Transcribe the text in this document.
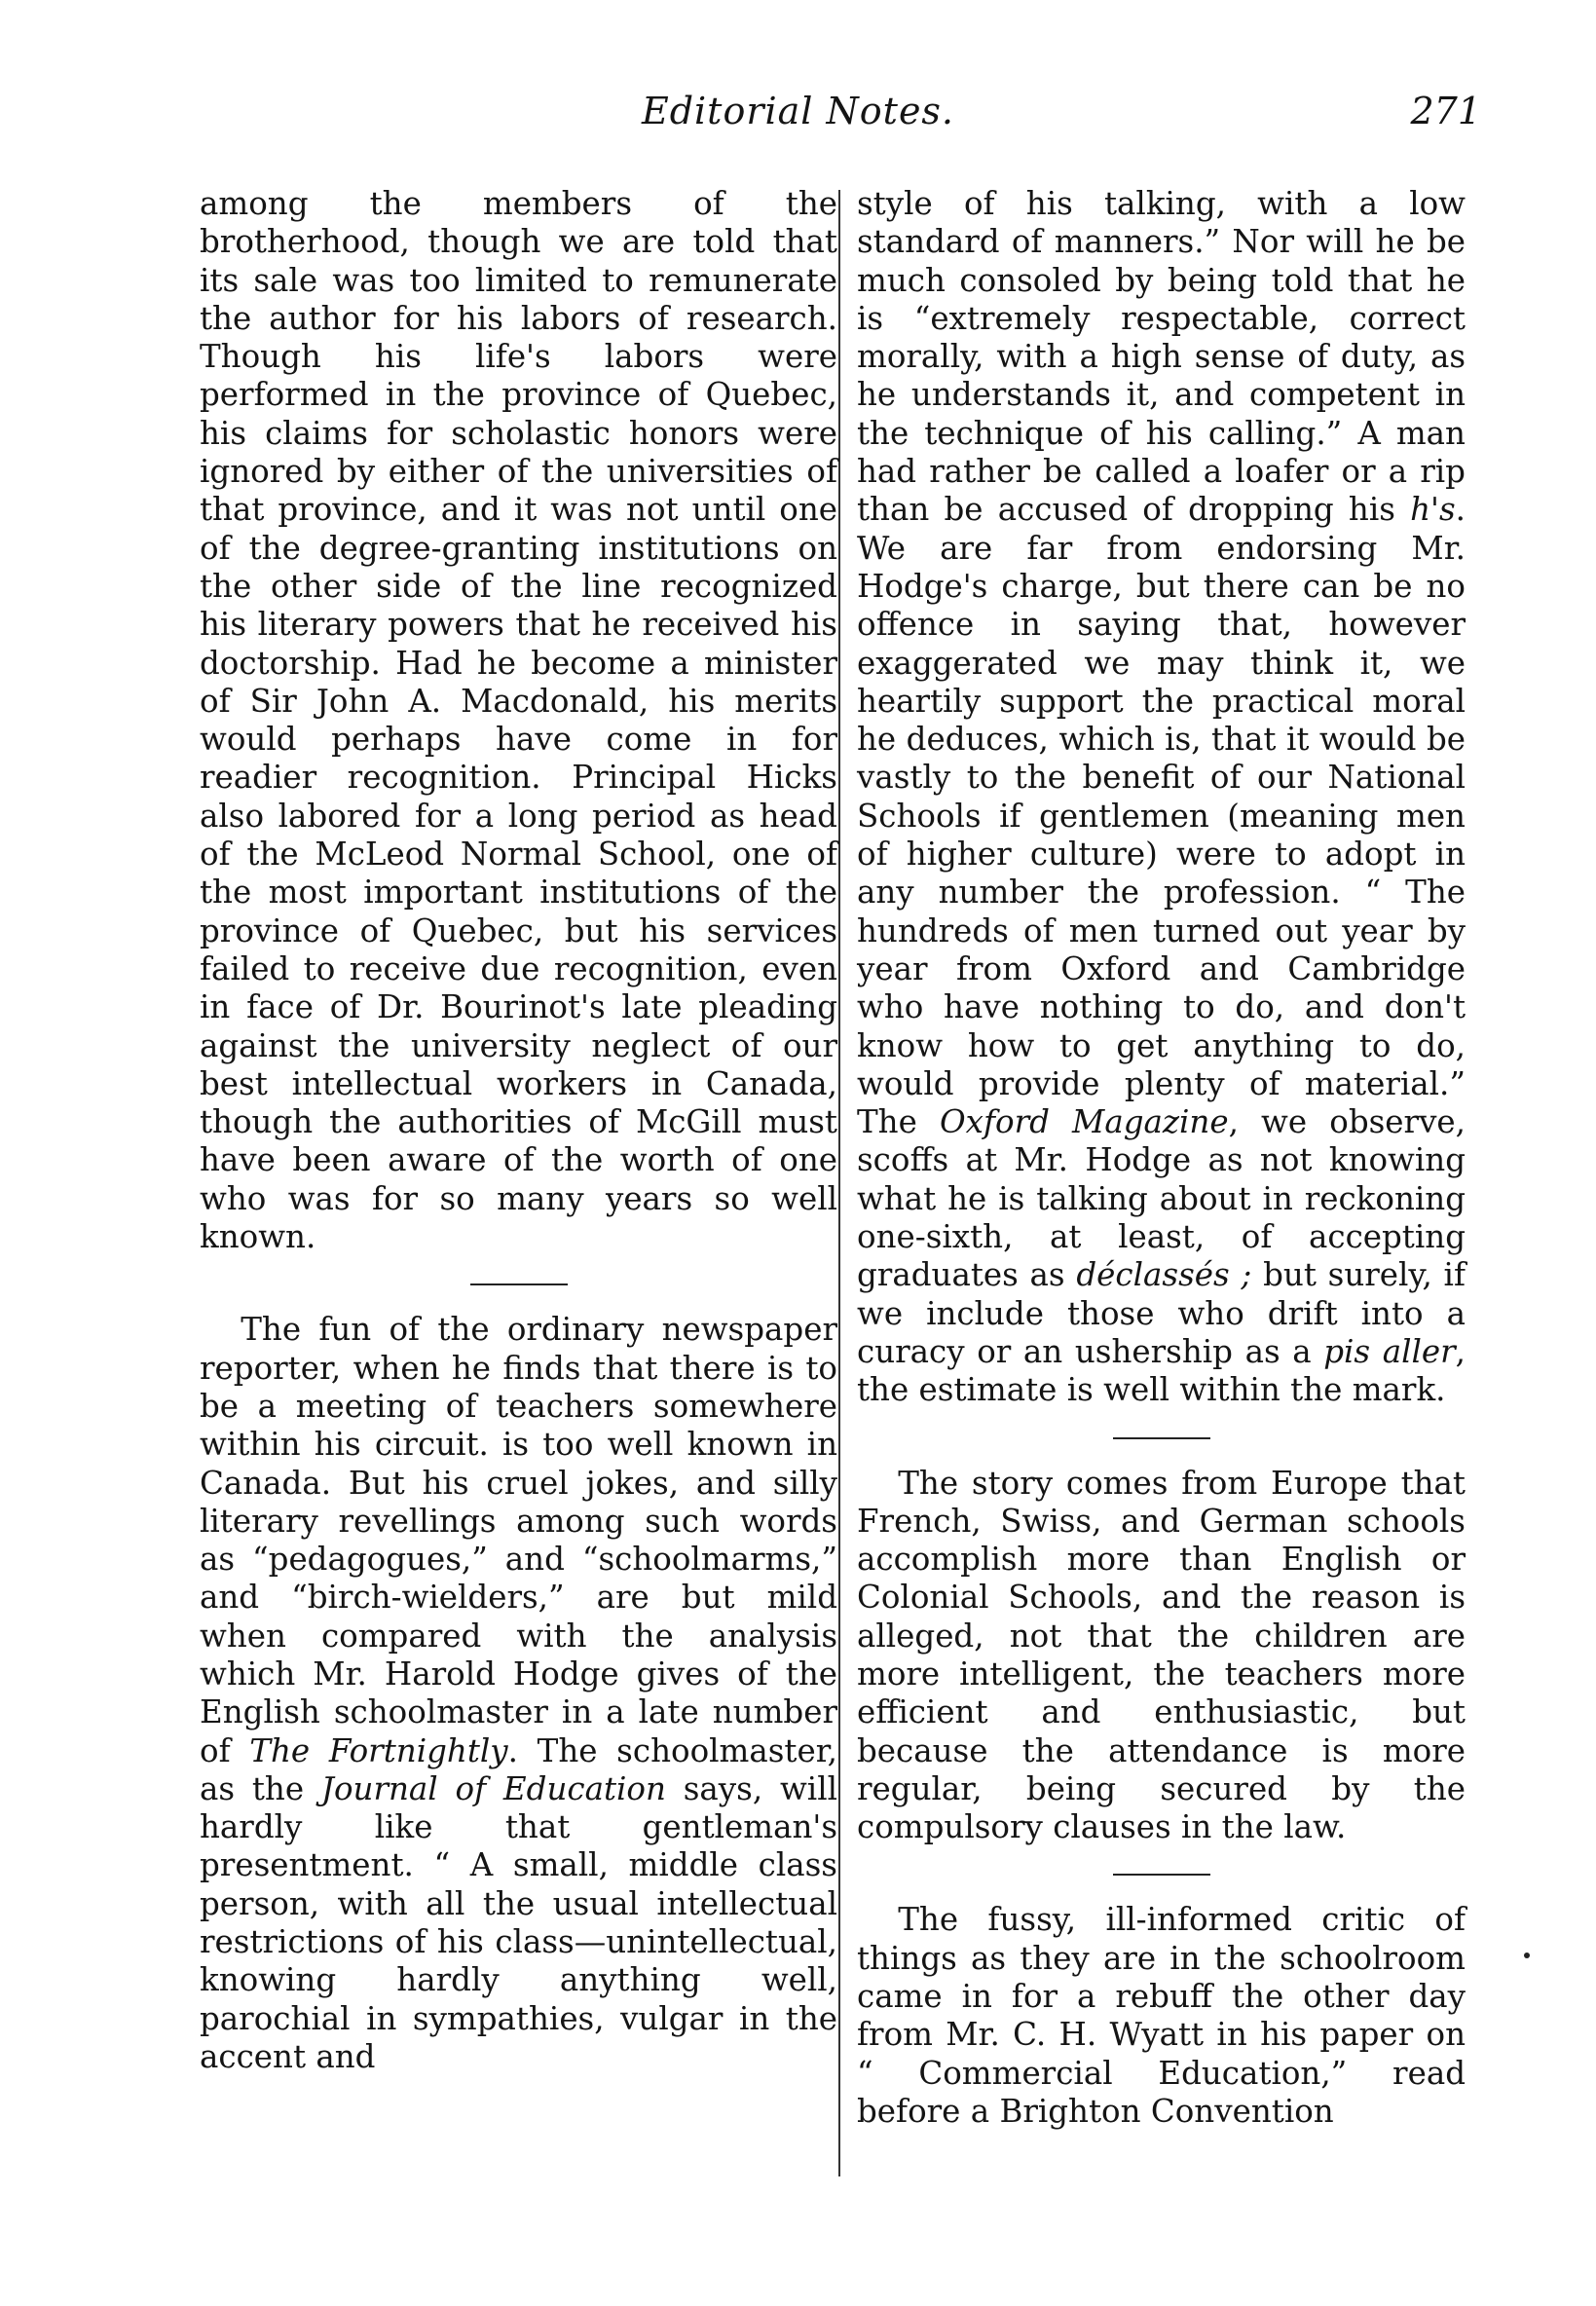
Editorial Notes.	271

among the members of the brotherhood, though we are told that its sale was too limited to remunerate the author for his labors of research. Though his life's labors were performed in the province of Quebec, his claims for scholastic honors were ignored by either of the universities of that province, and it was not until one of the degree-granting institutions on the other side of the line recognized his literary powers that he received his doctorship. Had he become a minister of Sir John A. Macdonald, his merits would perhaps have come in for readier recognition. Principal Hicks also labored for a long period as head of the McLeod Normal School, one of the most important institutions of the province of Quebec, but his services failed to receive due recognition, even in face of Dr. Bourinot's late pleading against the university neglect of our best intellectual workers in Canada, though the authorities of McGill must have been aware of the worth of one who was for so many years so well known.

The fun of the ordinary newspaper reporter, when he finds that there is to be a meeting of teachers somewhere within his circuit. is too well known in Canada. But his cruel jokes, and silly literary revellings among such words as “pedagogues,” and “schoolmarms,” and “birch-wielders,” are but mild when compared with the analysis which Mr. Harold Hodge gives of the English schoolmaster in a late number of The Fortnightly. The schoolmaster, as the Journal of Education says, will hardly like that gentleman's presentment. “ A small, middle class person, with all the usual intellectual restrictions of his class—unintellectual, knowing hardly anything well, parochial in sympathies, vulgar in the accent and

style of his talking, with a low standard of manners.” Nor will he be much consoled by being told that he is “extremely respectable, correct morally, with a high sense of duty, as he understands it, and competent in the technique of his calling.” A man had rather be called a loafer or a rip than be accused of dropping his h's. We are far from endorsing Mr. Hodge's charge, but there can be no offence in saying that, however exaggerated we may think it, we heartily support the practical moral he deduces, which is, that it would be vastly to the benefit of our National Schools if gentlemen (meaning men of higher culture) were to adopt in any number the profession. “ The hundreds of men turned out year by year from Oxford and Cambridge who have nothing to do, and don't know how to get anything to do, would provide plenty of material.” The Oxford Magazine, we observe, scoffs at Mr. Hodge as not knowing what he is talking about in reckoning one-sixth, at least, of accepting graduates as déclassés ; but surely, if we include those who drift into a curacy or an ushership as a pis aller, the estimate is well within the mark.

The story comes from Europe that French, Swiss, and German schools accomplish more than English or Colonial Schools, and the reason is alleged, not that the children are more intelligent, the teachers more efficient and enthusiastic, but because the attendance is more regular, being secured by the compulsory clauses in the law.

The fussy, ill-informed critic of things as they are in the schoolroom came in for a rebuff the other day from Mr. C. H. Wyatt in his paper on “ Commercial Education,” read before a Brighton Convention
